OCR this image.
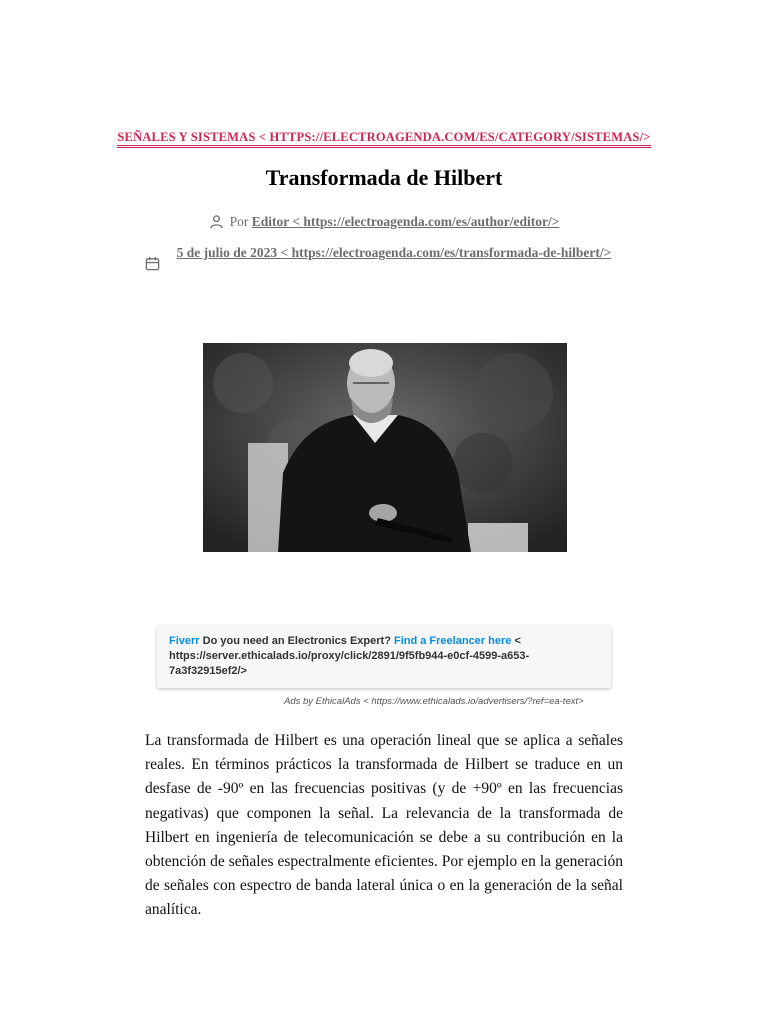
SEÑALES Y SISTEMAS < HTTPS://ELECTROAGENDA.COM/ES/CATEGORY/SISTEMAS/>
Transformada de Hilbert
Por Editor < https://electroagenda.com/es/author/editor/>
5 de julio de 2023 < https://electroagenda.com/es/transformada-de-hilbert/>
Fiverr Do you need an Electronics Expert? Find a Freelancer here < https://server.ethicalads.io/proxy/click/2891/9f5fb944-e0cf-4599-a653-7a3f32915ef2/>
Ads by EthicalAds < https://www.ethicalads.io/advertisers/?ref=ea-text>

La transformada de Hilbert es una operación lineal que se aplica a señales reales. En términos prácticos la transformada de Hilbert se traduce en un desfase de -90º en las frecuencias positivas (y de +90º en las frecuencias negativas) que componen la señal. La relevancia de la transformada de Hilbert en ingeniería de telecomunicación se debe a su contribución en la obtención de señales espectralmente eficientes. Por ejemplo en la generación de señales con espectro de banda lateral única o en la generación de la señal analítica.
